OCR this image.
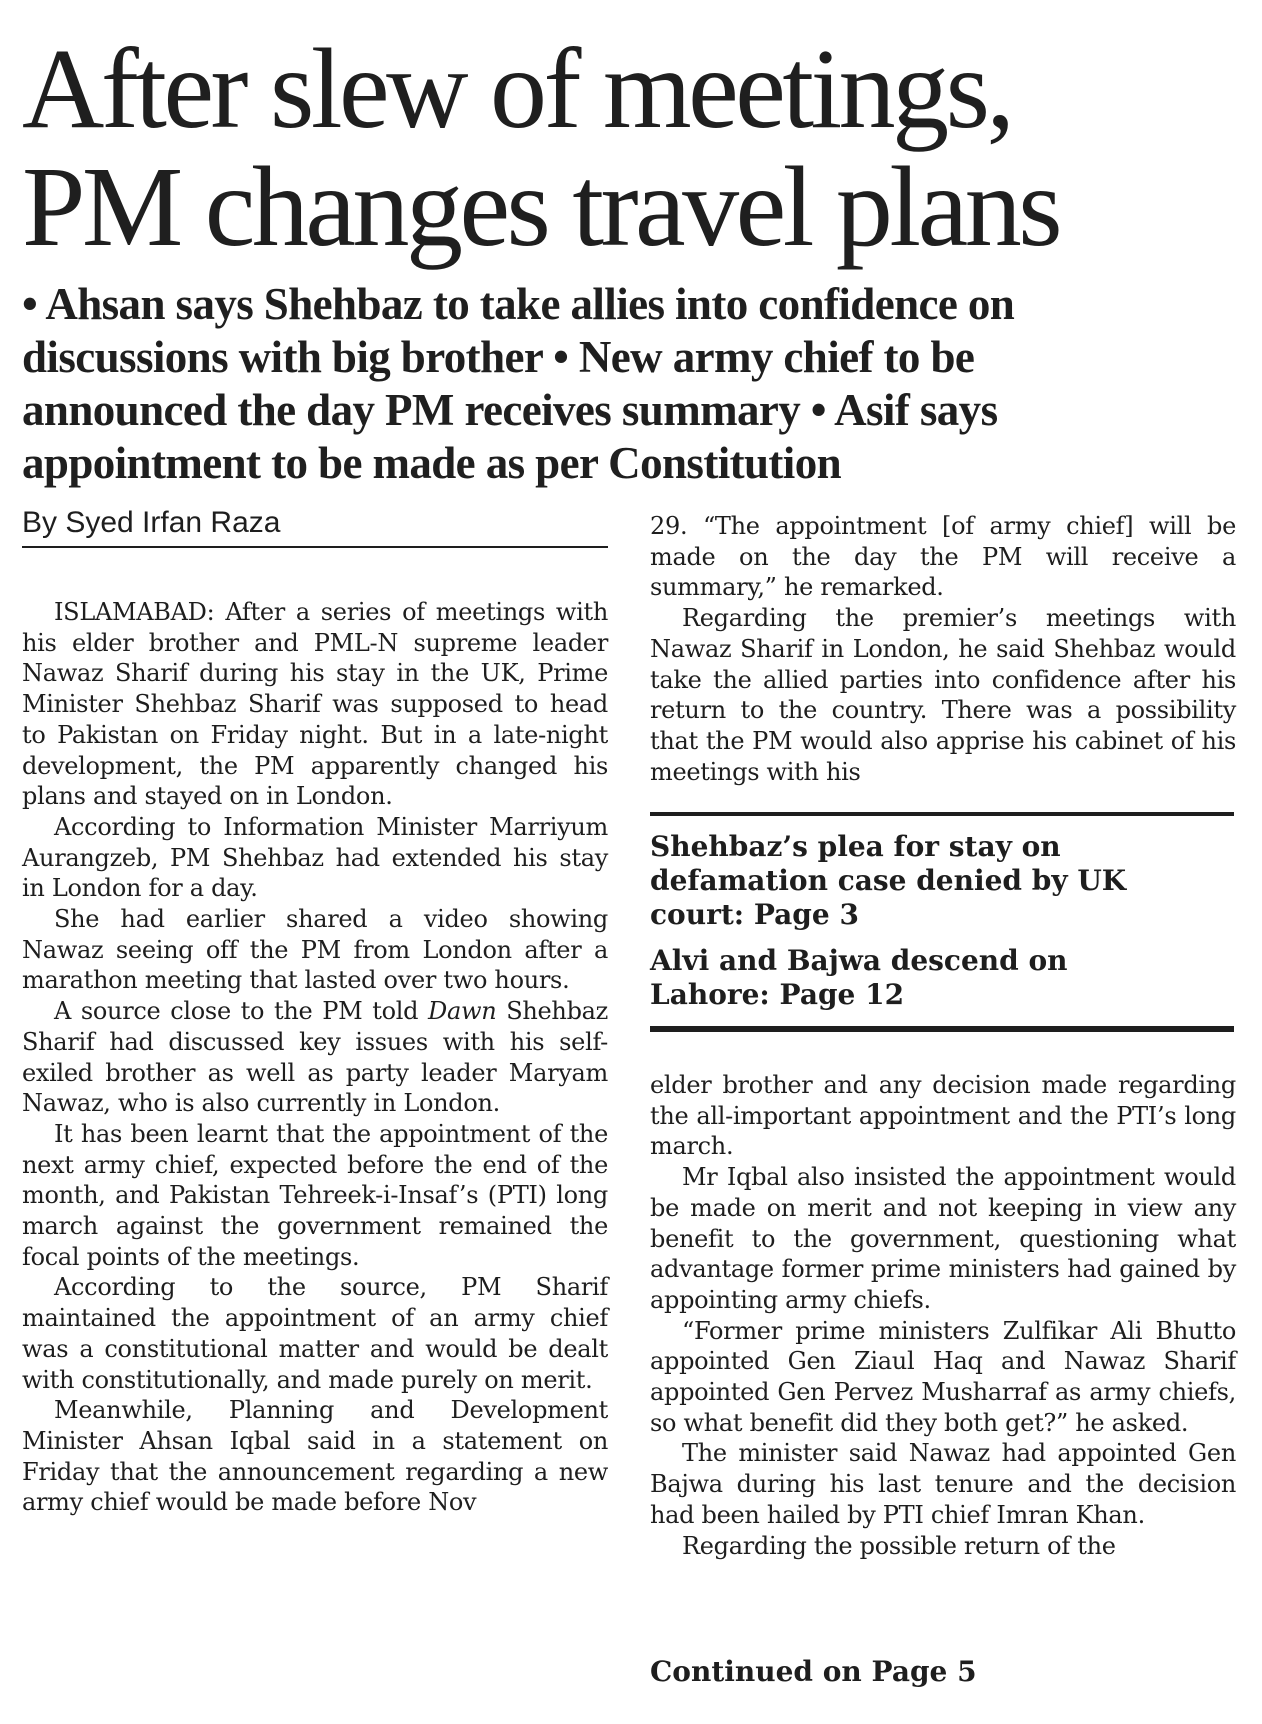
After slew of meetings,
PM changes travel plans
• Ahsan says Shehbaz to take allies into confidence on
discussions with big brother • New army chief to be
announced the day PM receives summary • Asif says
appointment to be made as per Constitution
By Syed Irfan Raza

ISLAMABAD: After a series of meetings with his elder brother and PML-N supreme leader Nawaz Sharif during his stay in the UK, Prime Minister Shehbaz Sharif was supposed to head to Pakistan on Friday night. But in a late-night development, the PM apparently changed his plans and stayed on in London.

According to Information Minister Marriyum Aurangzeb, PM Shehbaz had extended his stay in London for a day.

She had earlier shared a video showing Nawaz seeing off the PM from London after a marathon meeting that lasted over two hours.

A source close to the PM told Dawn Shehbaz Sharif had discussed key issues with his self-exiled brother as well as party leader Maryam Nawaz, who is also currently in London.

It has been learnt that the appointment of the next army chief, expected before the end of the month, and Pakistan Tehreek-i-Insaf’s (PTI) long march against the government remained the focal points of the meetings.

According to the source, PM Sharif maintained the appointment of an army chief was a constitutional matter and would be dealt with constitutionally, and made purely on merit.

Meanwhile, Planning and Development Minister Ahsan Iqbal said in a statement on Friday that the announcement regarding a new army chief would be made before Nov

29. “The appointment [of army chief] will be made on the day the PM will receive a summary,” he remarked.

Regarding the premier’s meetings with Nawaz Sharif in London, he said Shehbaz would take the allied parties into confidence after his return to the country. There was a possibility that the PM would also apprise his cabinet of his meetings with his

Shehbaz’s plea for stay on
defamation case denied by UK
court: Page 3
Alvi and Bajwa descend on
Lahore: Page 12

elder brother and any decision made regarding the all-important appointment and the PTI’s long march.

Mr Iqbal also insisted the appointment would be made on merit and not keeping in view any benefit to the government, questioning what advantage former prime ministers had gained by appointing army chiefs.

“Former prime ministers Zulfikar Ali Bhutto appointed Gen Ziaul Haq and Nawaz Sharif appointed Gen Pervez Musharraf as army chiefs, so what benefit did they both get?” he asked.

The minister said Nawaz had appointed Gen Bajwa during his last tenure and the decision had been hailed by PTI chief Imran Khan.

Regarding the possible return of the

Continued on Page 5
